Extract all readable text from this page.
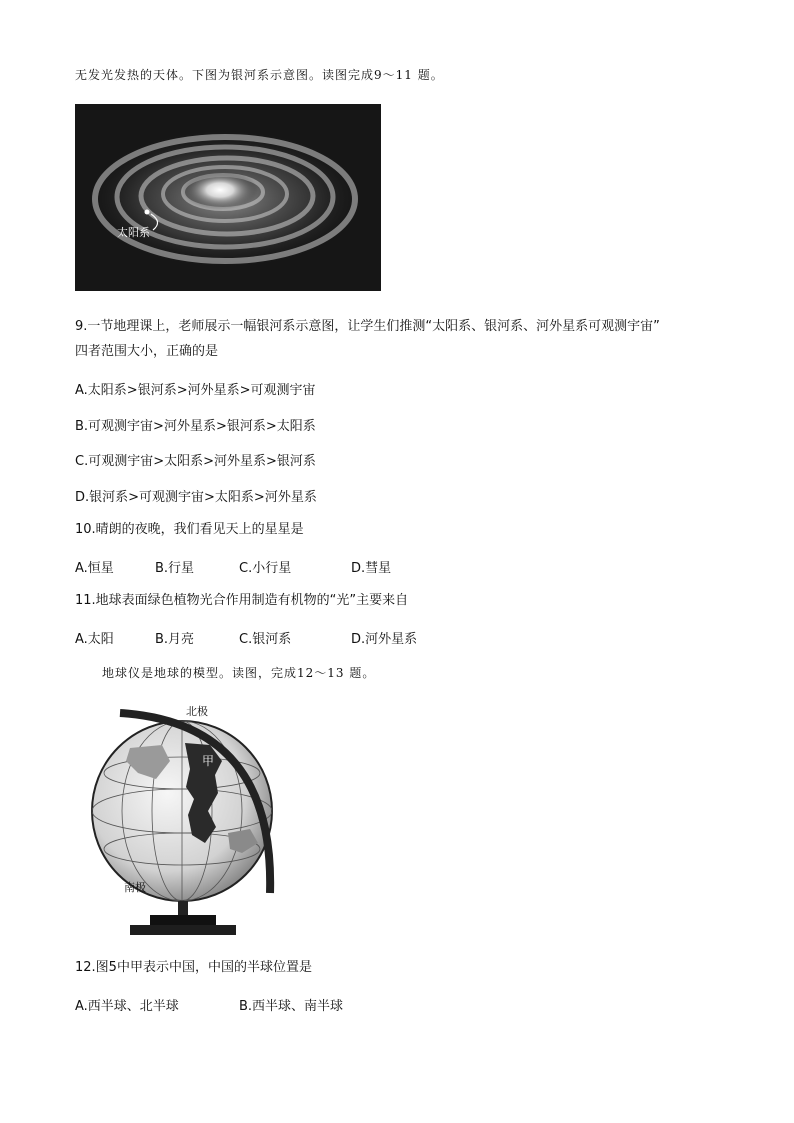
无发光发热的天体。下图为银河系示意图。读图完成9～11 题。
太阳系
9.一节地理课上，老师展示一幅银河系示意图，让学生们推测“太阳系、银河系、河外星系可观测宇宙”
四者范围大小，正确的是
A.太阳系>银河系>河外星系>可观测宇宙
B.可观测宇宙>河外星系>银河系>太阳系
C.可观测宇宙>太阳系>河外星系>银河系
D.银河系>可观测宇宙>太阳系>河外星系
10.晴朗的夜晚，我们看见天上的星星是
A.恒星	B.行星	C.小行星	D.彗星
11.地球表面绿色植物光合作用制造有机物的“光”主要来自
A.太阳	B.月亮	C.银河系	D.河外星系
地球仪是地球的模型。读图，完成12～13 题。
北极
南极
甲
12.图5中甲表示中国，中国的半球位置是
A.西半球、北半球	B.西半球、南半球
